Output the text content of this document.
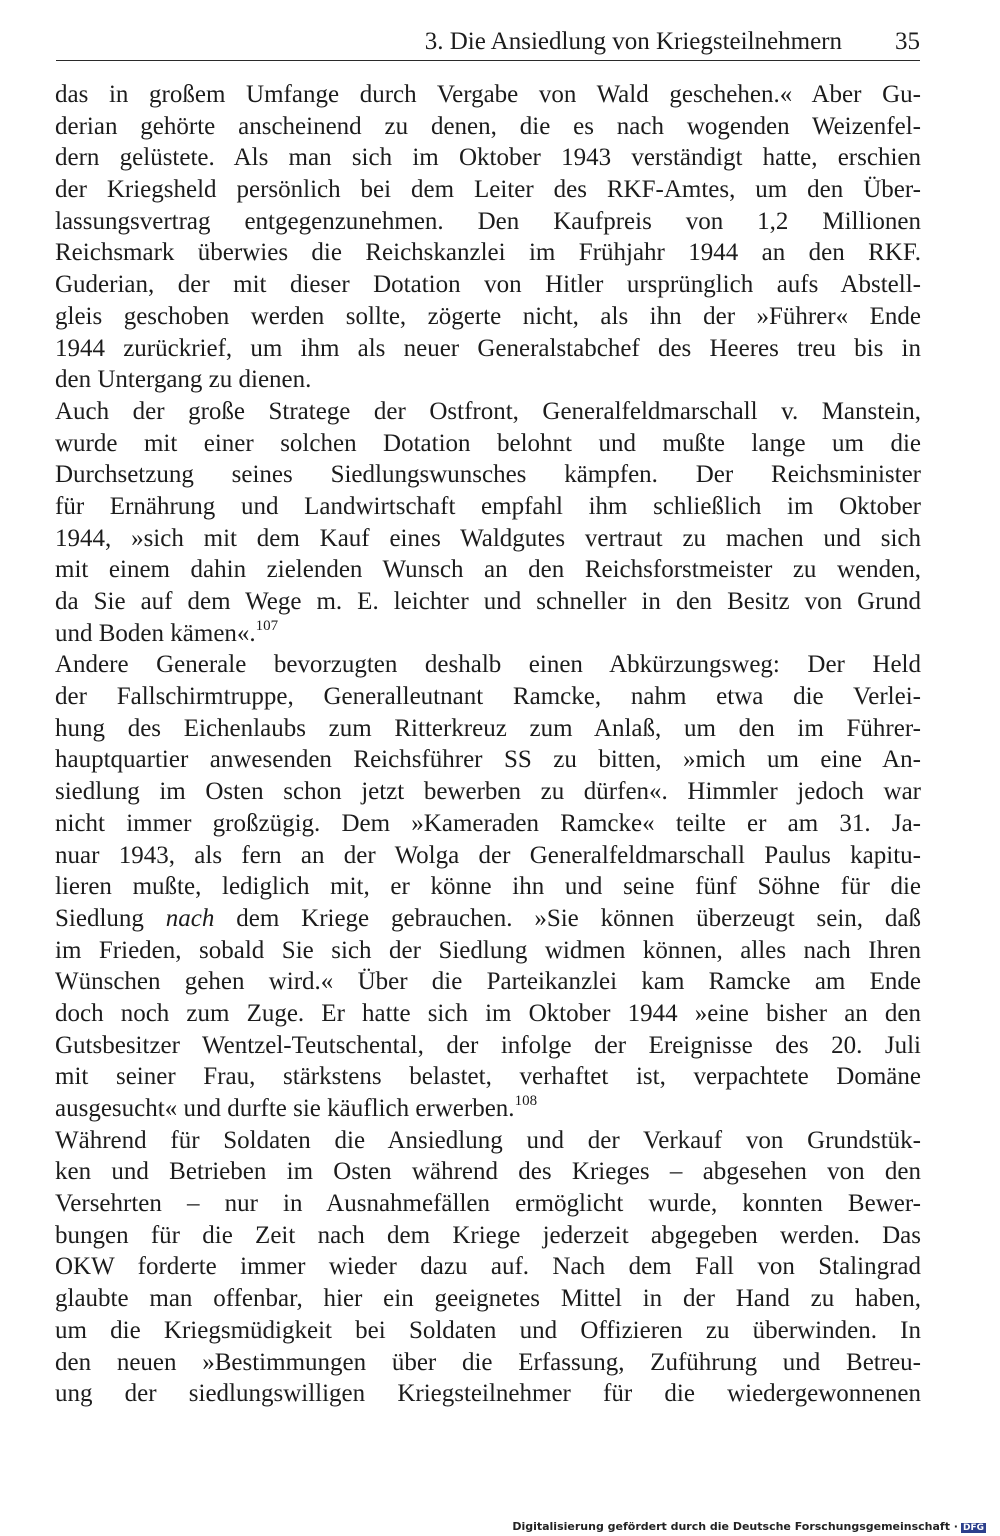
3. Die Ansiedlung von Kriegsteilnehmern 35
das in großem Umfange durch Vergabe von Wald geschehen.« Aber Gu-
derian gehörte anscheinend zu denen, die es nach wogenden Weizenfel-
dern gelüstete. Als man sich im Oktober 1943 verständigt hatte, erschien
der Kriegsheld persönlich bei dem Leiter des RKF-Amtes, um den Über-
lassungsvertrag entgegenzunehmen. Den Kaufpreis von 1,2 Millionen
Reichsmark überwies die Reichskanzlei im Frühjahr 1944 an den RKF.
Guderian, der mit dieser Dotation von Hitler ursprünglich aufs Abstell-
gleis geschoben werden sollte, zögerte nicht, als ihn der »Führer« Ende
1944 zurückrief, um ihm als neuer Generalstabchef des Heeres treu bis in
den Untergang zu dienen.
Auch der große Stratege der Ostfront, Generalfeldmarschall v. Manstein,
wurde mit einer solchen Dotation belohnt und mußte lange um die
Durchsetzung seines Siedlungswunsches kämpfen. Der Reichsminister
für Ernährung und Landwirtschaft empfahl ihm schließlich im Oktober
1944, »sich mit dem Kauf eines Waldgutes vertraut zu machen und sich
mit einem dahin zielenden Wunsch an den Reichsforstmeister zu wenden,
da Sie auf dem Wege m. E. leichter und schneller in den Besitz von Grund
und Boden kämen«.$^{107}$
Andere Generale bevorzugten deshalb einen Abkürzungsweg: Der Held
der Fallschirmtruppe, Generalleutnant Ramcke, nahm etwa die Verlei-
hung des Eichenlaubs zum Ritterkreuz zum Anlaß, um den im Führer-
hauptquartier anwesenden Reichsführer SS zu bitten, »mich um eine An-
siedlung im Osten schon jetzt bewerben zu dürfen«. Himmler jedoch war
nicht immer großzügig. Dem »Kameraden Ramcke« teilte er am 31. Ja-
nuar 1943, als fern an der Wolga der Generalfeldmarschall Paulus kapitu-
lieren mußte, lediglich mit, er könne ihn und seine fünf Söhne für die
Siedlung nach dem Kriege gebrauchen. »Sie können überzeugt sein, daß
im Frieden, sobald Sie sich der Siedlung widmen können, alles nach Ihren
Wünschen gehen wird.« Über die Parteikanzlei kam Ramcke am Ende
doch noch zum Zuge. Er hatte sich im Oktober 1944 »eine bisher an den
Gutsbesitzer Wentzel-Teutschental, der infolge der Ereignisse des 20. Juli
mit seiner Frau, stärkstens belastet, verhaftet ist, verpachtete Domäne
ausgesucht« und durfte sie käuflich erwerben.$^{108}$
Während für Soldaten die Ansiedlung und der Verkauf von Grundstük-
ken und Betrieben im Osten während des Krieges – abgesehen von den
Versehrten – nur in Ausnahmefällen ermöglicht wurde, konnten Bewer-
bungen für die Zeit nach dem Kriege jederzeit abgegeben werden. Das
OKW forderte immer wieder dazu auf. Nach dem Fall von Stalingrad
glaubte man offenbar, hier ein geeignetes Mittel in der Hand zu haben,
um die Kriegsmüdigkeit bei Soldaten und Offizieren zu überwinden. In
den neuen »Bestimmungen über die Erfassung, Zuführung und Betreu-
ung der siedlungswilligen Kriegsteilnehmer für die wiedergewonnenen
Digitalisierung gefördert durch die Deutsche Forschungsgemeinschaft · DFG
